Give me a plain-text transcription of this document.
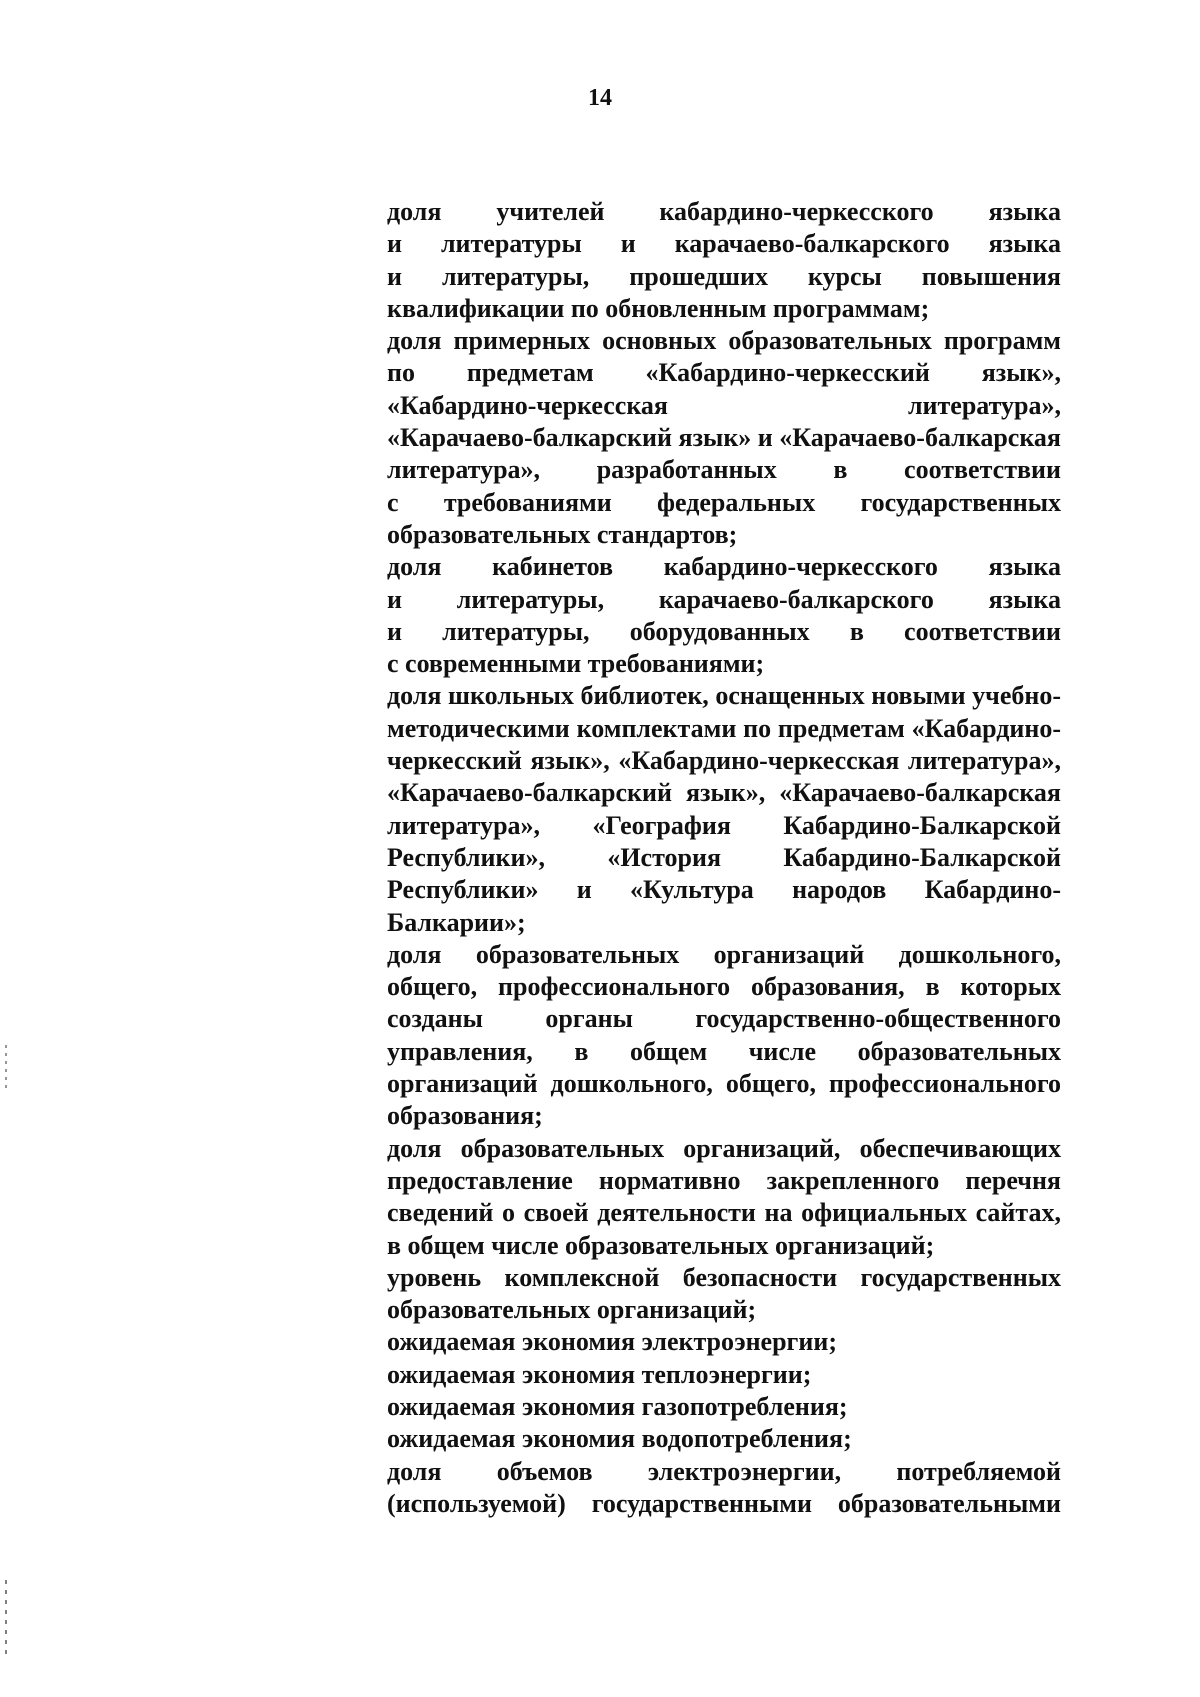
14
доля учителей кабардино-черкесского языка
и литературы и карачаево-балкарского языка
и литературы, прошедших курсы повышения
квалификации по обновленным программам;
доля примерных основных образовательных программ
по предметам «Кабардино-черкесский язык»,
«Кабардино-черкесская литература»,
«Карачаево-балкарский язык» и «Карачаево-балкарская
литература», разработанных в соответствии
с требованиями федеральных государственных
образовательных стандартов;
доля кабинетов кабардино-черкесского языка
и литературы, карачаево-балкарского языка
и литературы, оборудованных в соответствии
с современными требованиями;
доля школьных библиотек, оснащенных новыми учебно-
методическими комплектами по предметам «Кабардино-
черкесский язык», «Кабардино-черкесская литература»,
«Карачаево-балкарский язык», «Карачаево-балкарская
литература», «География Кабардино-Балкарской
Республики», «История Кабардино-Балкарской
Республики» и «Культура народов Кабардино-
Балкарии»;
доля образовательных организаций дошкольного,
общего, профессионального образования, в которых
созданы органы государственно-общественного
управления, в общем числе образовательных
организаций дошкольного, общего, профессионального
образования;
доля образовательных организаций, обеспечивающих
предоставление нормативно закрепленного перечня
сведений о своей деятельности на официальных сайтах,
в общем числе образовательных организаций;
уровень комплексной безопасности государственных
образовательных организаций;
ожидаемая экономия электроэнергии;
ожидаемая экономия теплоэнергии;
ожидаемая экономия газопотребления;
ожидаемая экономия водопотребления;
доля объемов электроэнергии, потребляемой
(используемой) государственными образовательными
